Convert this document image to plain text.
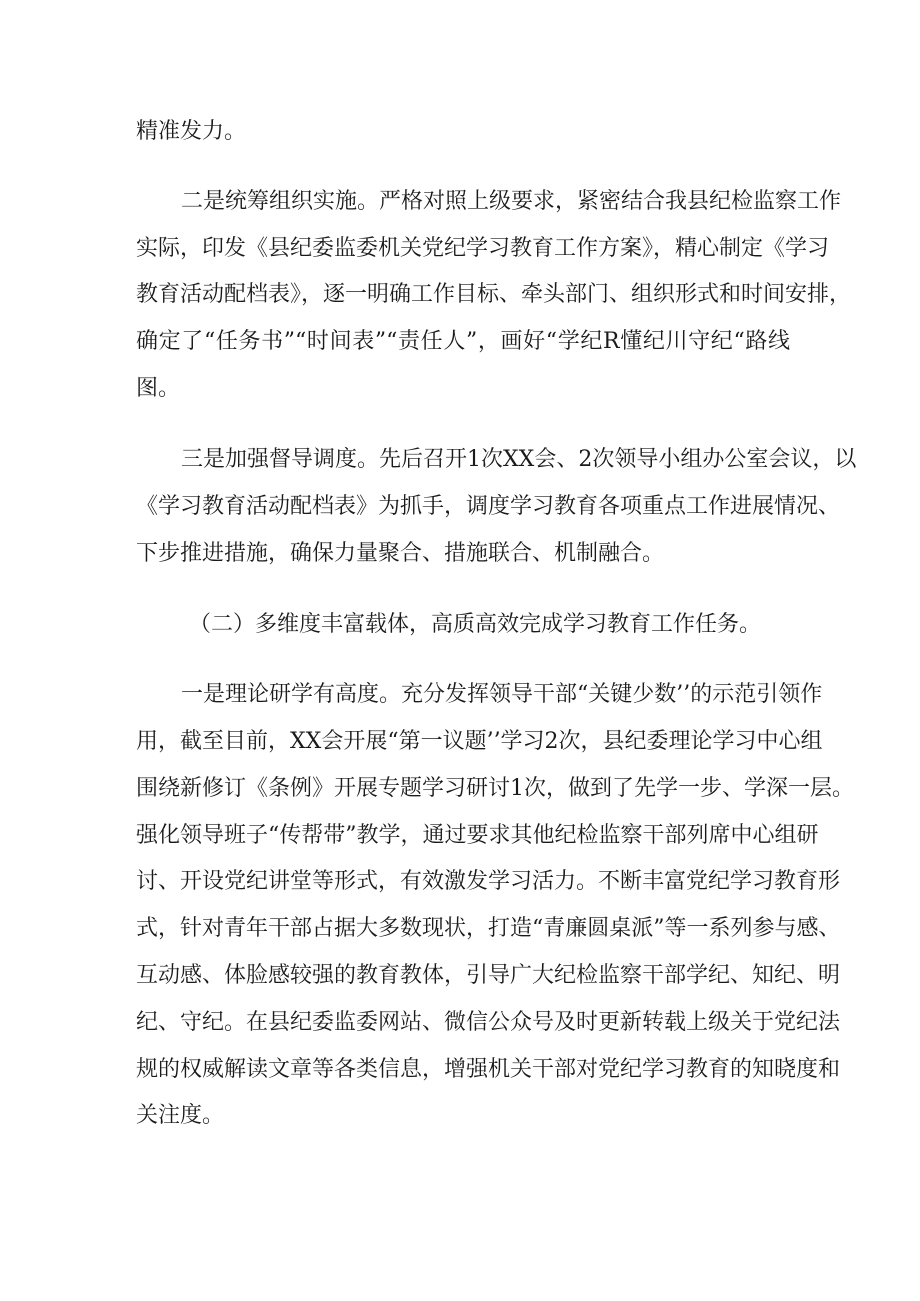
精准发力。

二是统筹组织实施。严格对照上级要求，紧密结合我县纪检监察工作

实际，印发《县纪委监委机关党纪学习教育工作方案》，精心制定《学习

教育活动配档表》，逐一明确工作目标、牵头部门、组织形式和时间安排，

确定了“任务书”“时间表”“责任人”，画好“学纪R懂纪川守纪“路线

图。

三是加强督导调度。先后召开1次XX会、2次领导小组办公室会议，以

《学习教育活动配档表》为抓手，调度学习教育各项重点工作进展情况、

下步推进措施，确保力量聚合、措施联合、机制融合。

（二）多维度丰富载体，高质高效完成学习教育工作任务。

一是理论研学有高度。充分发挥领导干部“关键少数’’的示范引领作

用，截至目前，XX会开展“第一议题’’学习2次，县纪委理论学习中心组

围绕新修订《条例》开展专题学习研讨1次，做到了先学一步、学深一层。

强化领导班子“传帮带”教学，通过要求其他纪检监察干部列席中心组研

讨、开设党纪讲堂等形式，有效激发学习活力。不断丰富党纪学习教育形

式，针对青年干部占据大多数现状，打造“青廉圆桌派”等一系列参与感、

互动感、体脸感较强的教育教体，引导广大纪检监察干部学纪、知纪、明

纪、守纪。在县纪委监委网站、微信公众号及时更新转载上级关于党纪法

规的权威解读文章等各类信息，增强机关干部对党纪学习教育的知晓度和

关注度。
